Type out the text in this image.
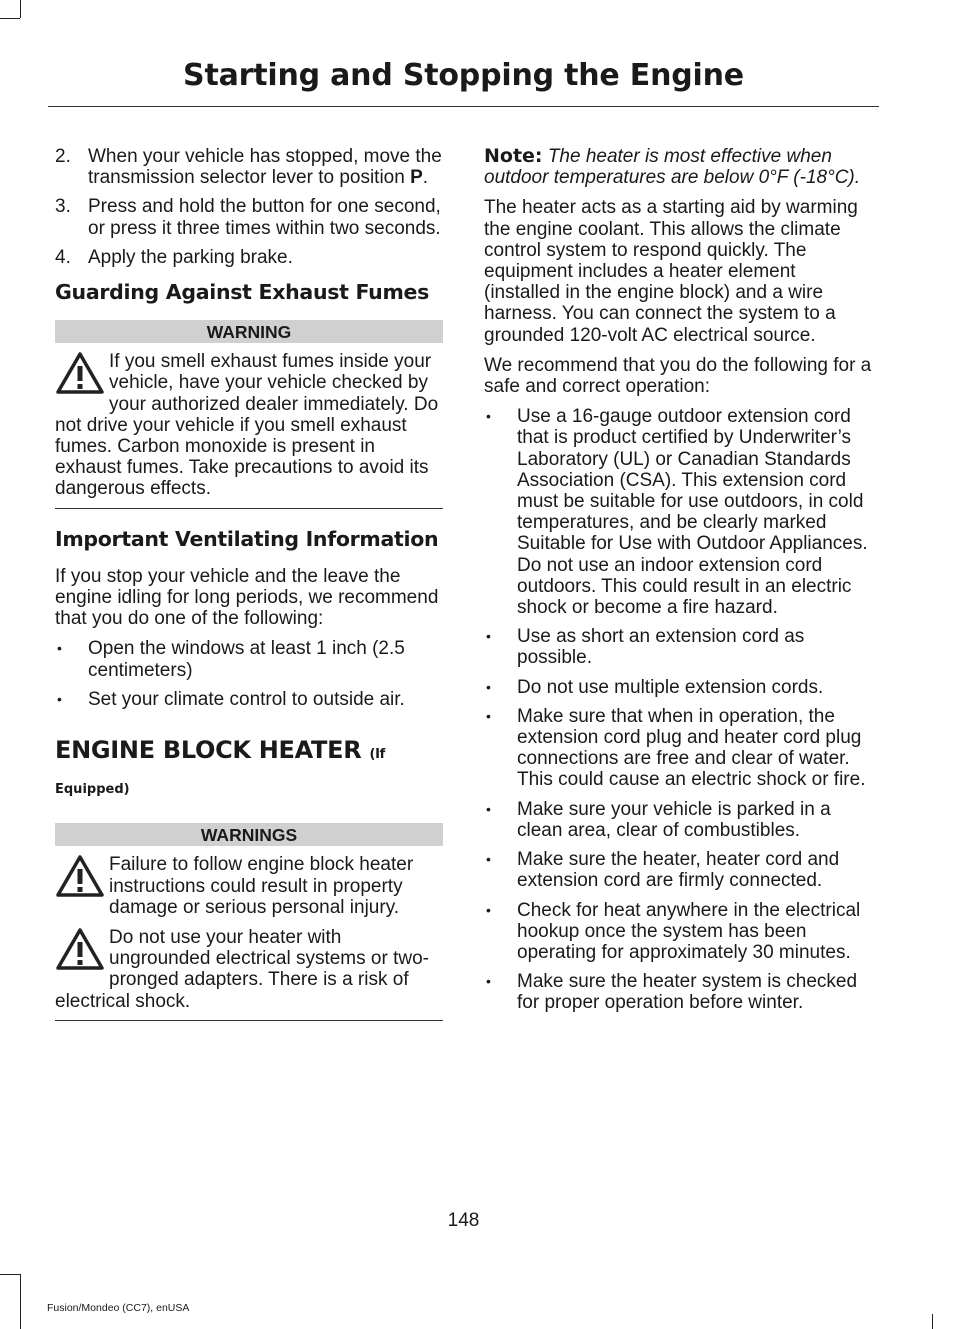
Starting and Stopping the Engine
2. When your vehicle has stopped, move the transmission selector lever to position P.
3. Press and hold the button for one second, or press it three times within two seconds.
4. Apply the parking brake.
Guarding Against Exhaust Fumes
WARNING
If you smell exhaust fumes inside your vehicle, have your vehicle checked by your authorized dealer immediately. Do not drive your vehicle if you smell exhaust fumes. Carbon monoxide is present in exhaust fumes. Take precautions to avoid its dangerous effects.
Important Ventilating Information

If you stop your vehicle and the leave the engine idling for long periods, we recommend that you do one of the following:

• Open the windows at least 1 inch (2.5 centimeters)
• Set your climate control to outside air.
ENGINE BLOCK HEATER (If
Equipped)
WARNINGS
Failure to follow engine block heater instructions could result in property damage or serious personal injury.
Do not use your heater with ungrounded electrical systems or two-pronged adapters. There is a risk of electrical shock.

Note: The heater is most effective when outdoor temperatures are below 0°F (-18°C).

The heater acts as a starting aid by warming the engine coolant. This allows the climate control system to respond quickly. The equipment includes a heater element (installed in the engine block) and a wire harness. You can connect the system to a grounded 120-volt AC electrical source.

We recommend that you do the following for a safe and correct operation:

• Use a 16-gauge outdoor extension cord that is product certified by Underwriter’s Laboratory (UL) or Canadian Standards Association (CSA). This extension cord must be suitable for use outdoors, in cold temperatures, and be clearly marked Suitable for Use with Outdoor Appliances. Do not use an indoor extension cord outdoors. This could result in an electric shock or become a fire hazard.
• Use as short an extension cord as possible.
• Do not use multiple extension cords.
• Make sure that when in operation, the extension cord plug and heater cord plug connections are free and clear of water. This could cause an electric shock or fire.
• Make sure your vehicle is parked in a clean area, clear of combustibles.
• Make sure the heater, heater cord and extension cord are firmly connected.
• Check for heat anywhere in the electrical hookup once the system has been operating for approximately 30 minutes.
• Make sure the heater system is checked for proper operation before winter.
148
Fusion/Mondeo (CC7), enUSA
